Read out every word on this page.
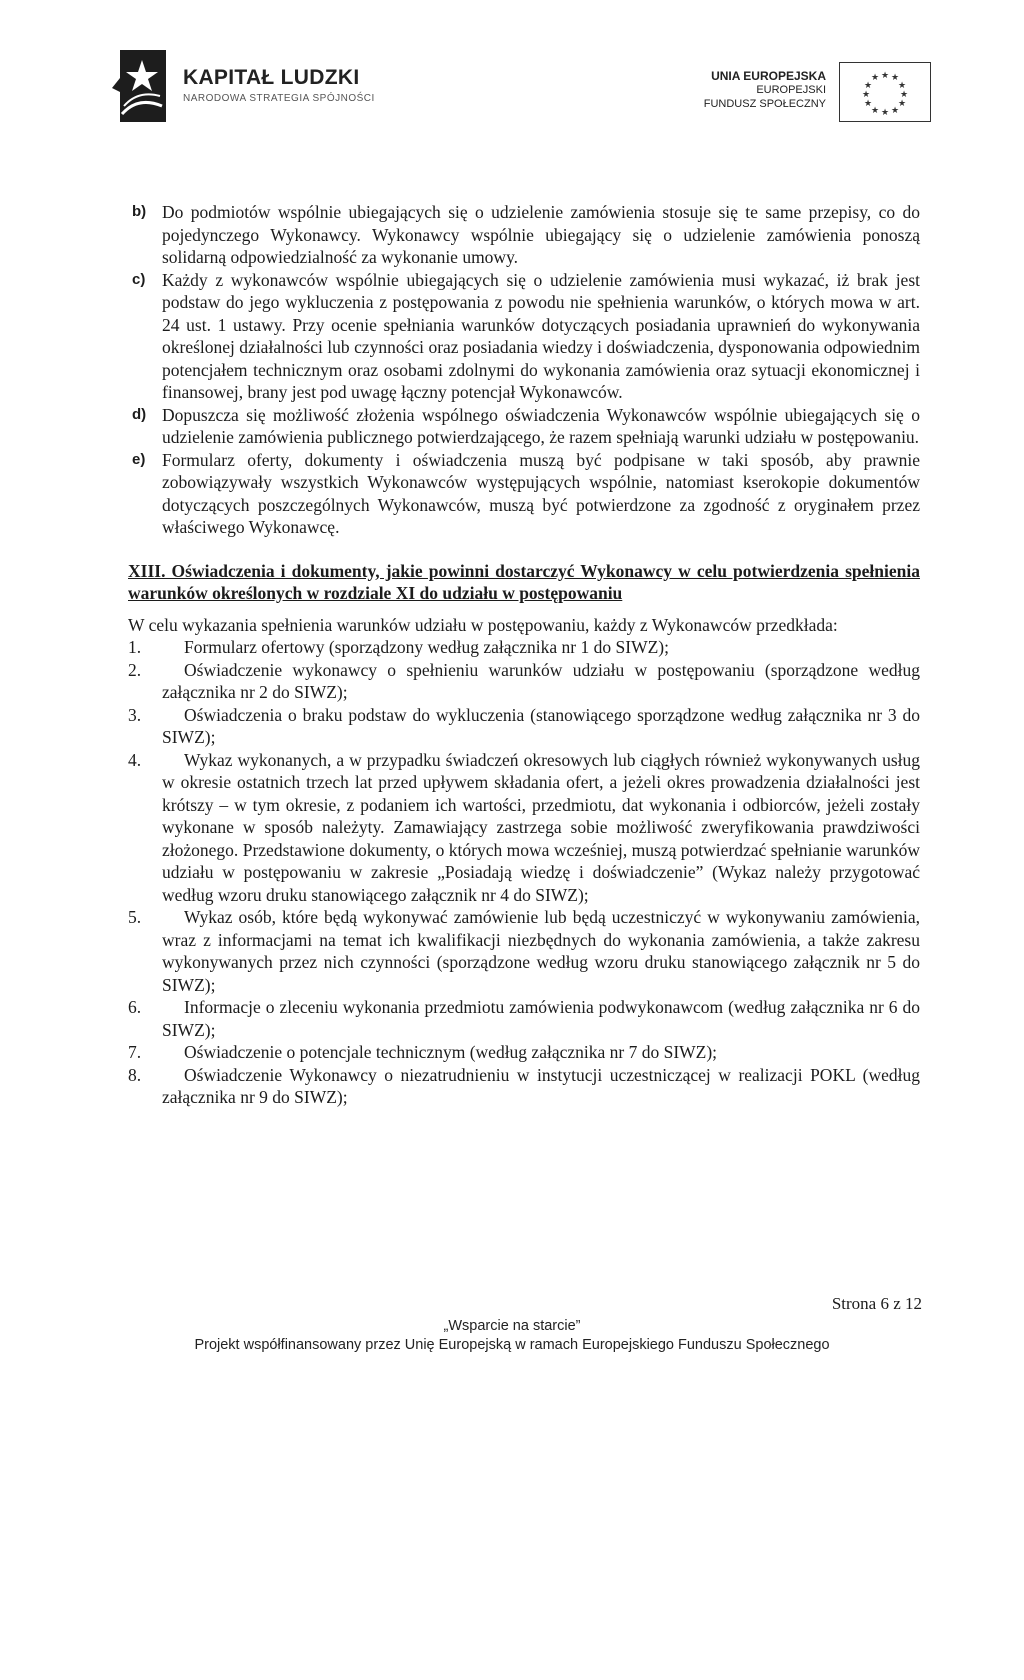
KAPITAŁ LUDZKI
NARODOWA STRATEGIA SPÓJNOŚCI
UNIA EUROPEJSKA
EUROPEJSKI
FUNDUSZ SPOŁECZNY
★ ★
★
★
★
★
★
★
★
★
★ ★
b) Do podmiotów wspólnie ubiegających się o udzielenie zamówienia stosuje się te same przepisy, co do pojedynczego Wykonawcy. Wykonawcy wspólnie ubiegający się o udzielenie zamówienia ponoszą solidarną odpowiedzialność za wykonanie umowy.
c) Każdy z wykonawców wspólnie ubiegających się o udzielenie zamówienia musi wykazać, iż brak jest podstaw do jego wykluczenia z postępowania z powodu nie spełnienia warunków, o których mowa w art. 24 ust. 1 ustawy. Przy ocenie spełniania warunków dotyczących posiadania uprawnień do wykonywania określonej działalności lub czynności oraz posiadania wiedzy i doświadczenia, dysponowania odpowiednim potencjałem technicznym oraz osobami zdolnymi do wykonania zamówienia oraz sytuacji ekonomicznej i finansowej, brany jest pod uwagę łączny potencjał Wykonawców.
d) Dopuszcza się możliwość złożenia wspólnego oświadczenia Wykonawców wspólnie ubiegających się o udzielenie zamówienia publicznego potwierdzającego, że razem spełniają warunki udziału w postępowaniu.
e) Formularz oferty, dokumenty i oświadczenia muszą być podpisane w taki sposób, aby prawnie zobowiązywały wszystkich Wykonawców występujących wspólnie, natomiast kserokopie dokumentów dotyczących poszczególnych Wykonawców, muszą być potwierdzone za zgodność z oryginałem przez właściwego Wykonawcę.
XIII. Oświadczenia i dokumenty, jakie powinni dostarczyć Wykonawcy w celu potwierdzenia spełnienia warunków określonych w rozdziale XI do udziału w postępowaniu
W celu wykazania spełnienia warunków udziału w postępowaniu, każdy z Wykonawców przedkłada:
1.	Formularz ofertowy (sporządzony według załącznika nr 1 do SIWZ);
2.	Oświadczenie wykonawcy o spełnieniu warunków udziału w postępowaniu (sporządzone według załącznika nr 2 do SIWZ);
3.	Oświadczenia o braku podstaw do wykluczenia (stanowiącego sporządzone według załącznika nr 3 do SIWZ);
4.	Wykaz wykonanych, a w przypadku świadczeń okresowych lub ciągłych również wykonywanych usług w okresie ostatnich trzech lat przed upływem składania ofert, a jeżeli okres prowadzenia działalności jest krótszy – w tym okresie, z podaniem ich wartości, przedmiotu, dat wykonania i odbiorców, jeżeli zostały wykonane w sposób należyty. Zamawiający zastrzega sobie możliwość zweryfikowania prawdziwości złożonego. Przedstawione dokumenty, o których mowa wcześniej, muszą potwierdzać spełnianie warunków udziału w postępowaniu w zakresie „Posiadają wiedzę i doświadczenie” (Wykaz należy przygotować według wzoru druku stanowiącego załącznik nr 4 do SIWZ);
5.	Wykaz osób, które będą wykonywać zamówienie lub będą uczestniczyć w wykonywaniu zamówienia, wraz z informacjami na temat ich kwalifikacji niezbędnych do wykonania zamówienia, a także zakresu wykonywanych przez nich czynności (sporządzone według wzoru druku stanowiącego załącznik nr 5 do SIWZ);
6.	Informacje o zleceniu wykonania przedmiotu zamówienia podwykonawcom (według załącznika nr 6 do SIWZ);
7.	Oświadczenie o potencjale technicznym (według załącznika nr 7 do SIWZ);
8.	Oświadczenie Wykonawcy o niezatrudnieniu w instytucji uczestniczącej w realizacji POKL (według załącznika nr 9 do SIWZ);
Strona 6 z 12
„Wsparcie na starcie”
Projekt współfinansowany przez Unię Europejską w ramach Europejskiego Funduszu Społecznego
